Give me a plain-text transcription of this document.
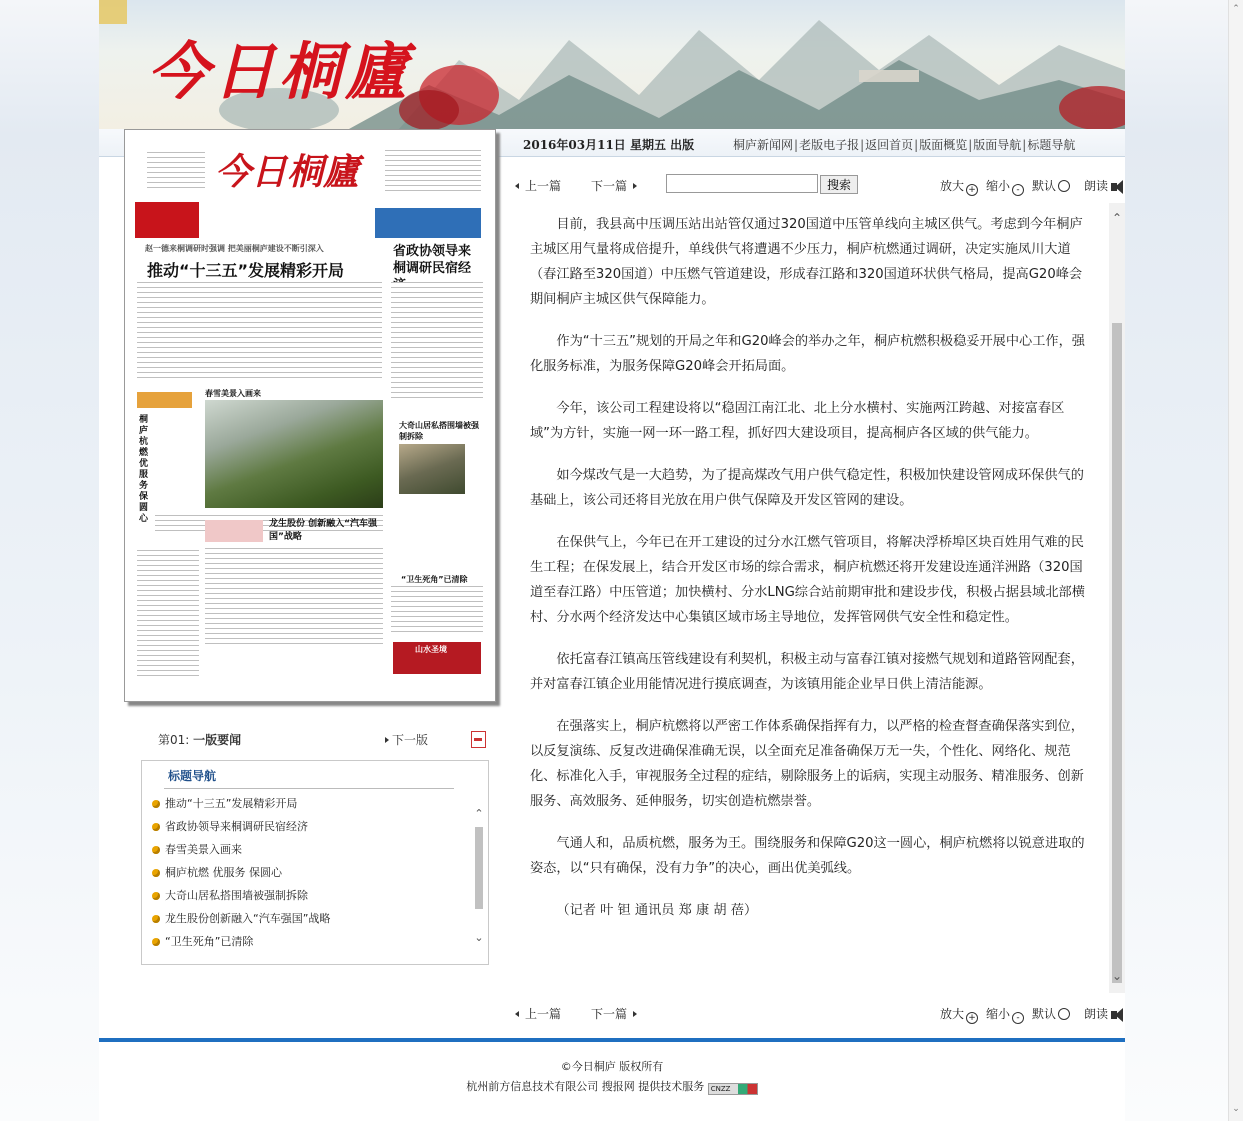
今日桐廬
2016年03月11日 星期五 出版	桐庐新闻网|老版电子报|返回首页|版面概览|版面导航|标题导航
今日桐廬
赵一德来桐调研时强调 把美丽桐庐建设不断引深入
推动“十三五”发展精彩开局
省政协领导来桐调研民宿经
桐庐杭燃 优服务 保圆心
春雪美景入画来
大奇山居私搭围墙被强制拆除
龙生股份 创新融入“汽车强国”战略
“卫生死角”已清除
山水圣境
第01: 一版要闻	下一版
标题导航
推动“十三五”发展精彩开局
省政协领导来桐调研民宿经济
春雪美景入画来
桐庐杭燃 优服务 保圆心
大奇山居私搭围墙被强制拆除
龙生股份创新融入“汽车强国”战略
“卫生死角”已清除
⌃
⌄
上一篇 下一篇	搜索	放大 + 缩小 -	默认	朗读

目前，我县高中压调压站出站管仅通过320国道中压管单线向主城区供气。考虑到今年桐庐主城区用气量将成倍提升，单线供气将遭遇不少压力，桐庐杭燃通过调研，决定实施凤川大道（春江路至320国道）中压燃气管道建设，形成春江路和320国道环状供气格局，提高G20峰会期间桐庐主城区供气保障能力。

作为“十三五”规划的开局之年和G20峰会的举办之年，桐庐杭燃积极稳妥开展中心工作，强化服务标准，为服务保障G20峰会开拓局面。

今年，该公司工程建设将以“稳固江南江北、北上分水横村、实施两江跨越、对接富春区域”为方针，实施一网一环一路工程，抓好四大建设项目，提高桐庐各区域的供气能力。

如今煤改气是一大趋势，为了提高煤改气用户供气稳定性，积极加快建设管网成环保供气的基础上，该公司还将目光放在用户供气保障及开发区管网的建设。

在保供气上，今年已在开工建设的过分水江燃气管项目，将解决浮桥埠区块百姓用气难的民生工程；在保发展上，结合开发区市场的综合需求，桐庐杭燃还将开发建设连通洋洲路（320国道至春江路）中压管道；加快横村、分水LNG综合站前期审批和建设步伐，积极占据县域北部横村、分水两个经济发达中心集镇区域市场主导地位，发挥管网供气安全性和稳定性。

依托富春江镇高压管线建设有利契机，积极主动与富春江镇对接燃气规划和道路管网配套，并对富春江镇企业用能情况进行摸底调查，为该镇用能企业早日供上清洁能源。

在强落实上，桐庐杭燃将以严密工作体系确保指挥有力，以严格的检查督查确保落实到位，以反复演练、反复改进确保准确无误，以全面充足准备确保万无一失，个性化、网络化、规范化、标准化入手，审视服务全过程的症结，剔除服务上的诟病，实现主动服务、精准服务、创新服务、高效服务、延伸服务，切实创造杭燃崇誉。

气通人和，品质杭燃，服务为王。围绕服务和保障G20这一圆心，桐庐杭燃将以锐意进取的姿态，以“只有确保，没有力争”的决心，画出优美弧线。

（记者 叶 钽 通讯员 郑 康 胡 蓓）

⌃
⌄
上一篇 下一篇	放大 + 缩小 -	默认	朗读
©今日桐庐 版权所有
杭州前方信息技术有限公司 搜报网 提供技术服务 CNZZ
⌃
⌄
